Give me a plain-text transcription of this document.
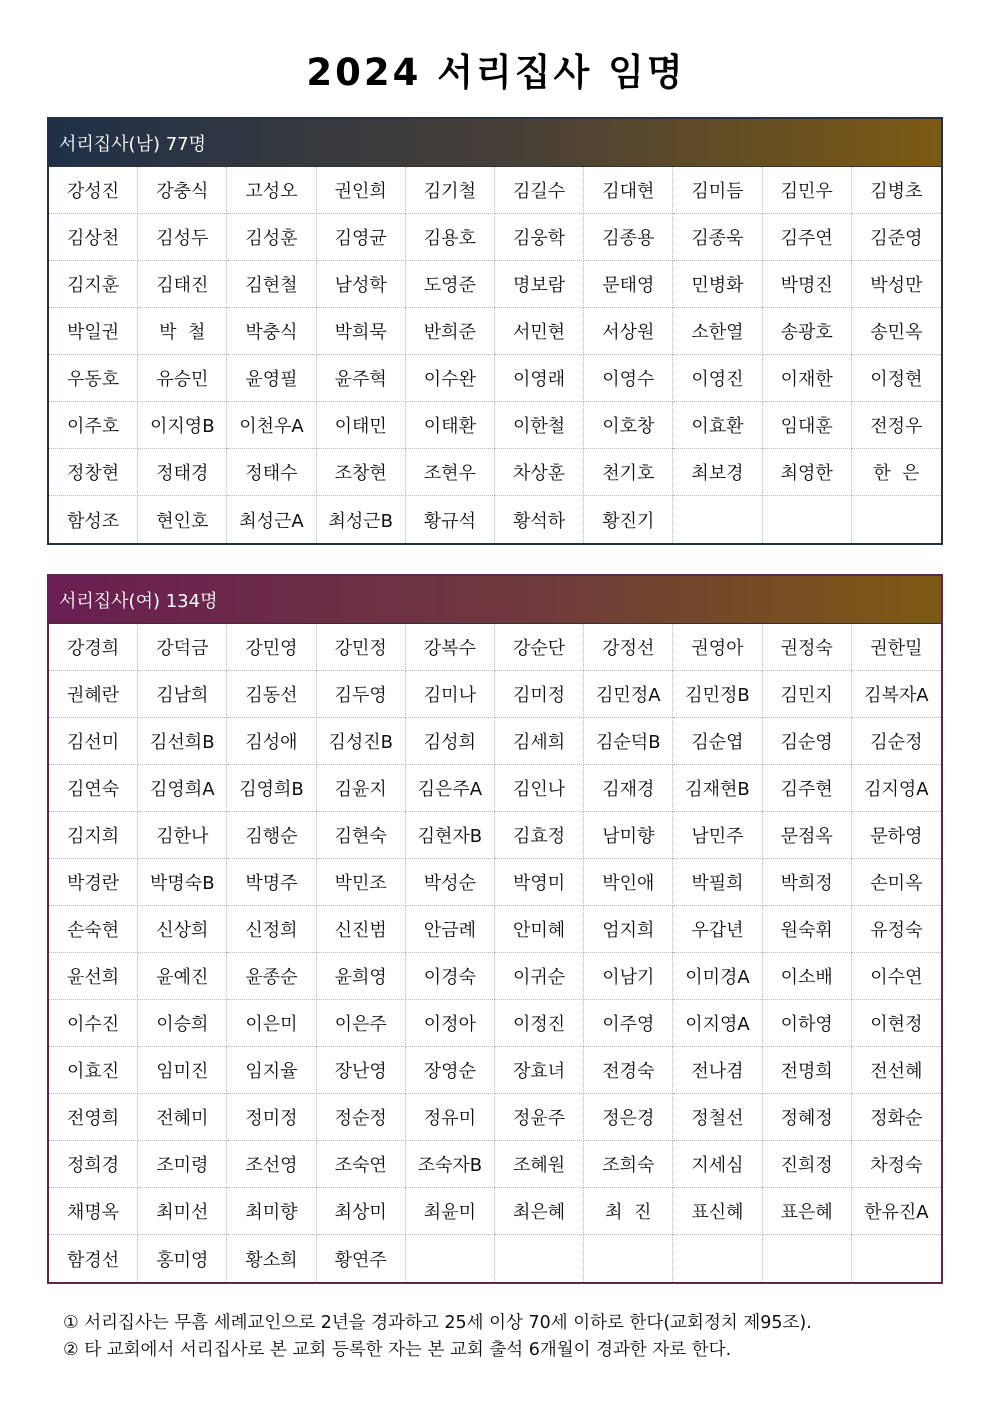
2024 서리집사 임명
서리집사(남) 77명
강성진	강충식	고성오	권인희	김기철	김길수	김대현	김미듬	김민우	김병초
김상천	김성두	김성훈	김영균	김용호	김웅학	김종용	김종욱	김주연	김준영
김지훈	김태진	김현철	남성학	도영준	명보람	문태영	민병화	박명진	박성만
박일권	박  철	박충식	박희묵	반희준	서민현	서상원	소한열	송광호	송민옥
우동호	유승민	윤영필	윤주혁	이수완	이영래	이영수	이영진	이재한	이정현
이주호	이지영B	이천우A	이태민	이태환	이한철	이호창	이효환	임대훈	전정우
정창현	정태경	정태수	조창현	조현우	차상훈	천기호	최보경	최영한	한  은
함성조	현인호	최성근A	최성근B	황규석	황석하	황진기
서리집사(여) 134명
강경희	강덕금	강민영	강민정	강복수	강순단	강정선	권영아	권정숙	권한밀
권혜란	김남희	김동선	김두영	김미나	김미정	김민정A	김민정B	김민지	김복자A
김선미	김선희B	김성애	김성진B	김성희	김세희	김순덕B	김순엽	김순영	김순정
김연숙	김영희A	김영희B	김윤지	김은주A	김인나	김재경	김재현B	김주현	김지영A
김지희	김한나	김행순	김현숙	김현자B	김효정	남미향	남민주	문점옥	문하영
박경란	박명숙B	박명주	박민조	박성순	박영미	박인애	박필희	박희정	손미옥
손숙현	신상희	신정희	신진범	안금례	안미혜	엄지희	우갑년	원숙휘	유정숙
윤선희	윤예진	윤종순	윤희영	이경숙	이귀순	이남기	이미경A	이소배	이수연
이수진	이승희	이은미	이은주	이정아	이정진	이주영	이지영A	이하영	이현정
이효진	임미진	임지율	장난영	장영순	장효녀	전경숙	전나겸	전명희	전선혜
전영희	전혜미	정미정	정순정	정유미	정윤주	정은경	정철선	정혜정	정화순
정희경	조미령	조선영	조숙연	조숙자B	조혜원	조희숙	지세심	진희정	차정숙
채명옥	최미선	최미향	최상미	최윤미	최은혜	최  진	표신혜	표은혜	한유진A
함경선	홍미영	황소희	황연주
① 서리집사는 무흠 세례교인으로 2년을 경과하고 25세 이상 70세 이하로 한다(교회정치 제95조).
② 타 교회에서 서리집사로 본 교회 등록한 자는 본 교회 출석 6개월이 경과한 자로 한다.
